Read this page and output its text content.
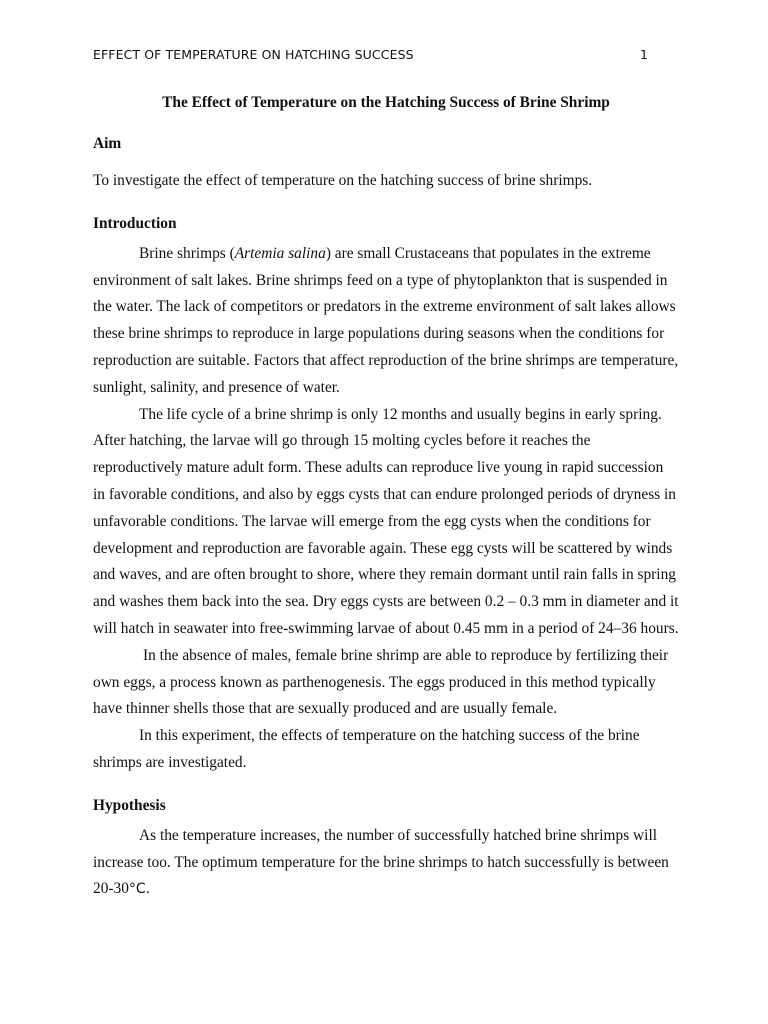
EFFECT OF TEMPERATURE ON HATCHING SUCCESS	1

The Effect of Temperature on the Hatching Success of Brine Shrimp

Aim

To investigate the effect of temperature on the hatching success of brine shrimps.

Introduction

Brine shrimps (Artemia salina) are small Crustaceans that populates in the extreme environment of salt lakes. Brine shrimps feed on a type of phytoplankton that is suspended in the water. The lack of competitors or predators in the extreme environment of salt lakes allows these brine shrimps to reproduce in large populations during seasons when the conditions for reproduction are suitable. Factors that affect reproduction of the brine shrimps are temperature, sunlight, salinity, and presence of water.

The life cycle of a brine shrimp is only 12 months and usually begins in early spring. After hatching, the larvae will go through 15 molting cycles before it reaches the reproductively mature adult form. These adults can reproduce live young in rapid succession in favorable conditions, and also by eggs cysts that can endure prolonged periods of dryness in unfavorable conditions. The larvae will emerge from the egg cysts when the conditions for development and reproduction are favorable again. These egg cysts will be scattered by winds and waves, and are often brought to shore, where they remain dormant until rain falls in spring and washes them back into the sea. Dry eggs cysts are between 0.2 – 0.3 mm in diameter and it will hatch in seawater into free-swimming larvae of about 0.45 mm in a period of 24–36 hours.

In the absence of males, female brine shrimp are able to reproduce by fertilizing their own eggs, a process known as parthenogenesis. The eggs produced in this method typically have thinner shells those that are sexually produced and are usually female.

In this experiment, the effects of temperature on the hatching success of the brine shrimps are investigated.

Hypothesis

As the temperature increases, the number of successfully hatched brine shrimps will increase too. The optimum temperature for the brine shrimps to hatch successfully is between 20-30°C.
